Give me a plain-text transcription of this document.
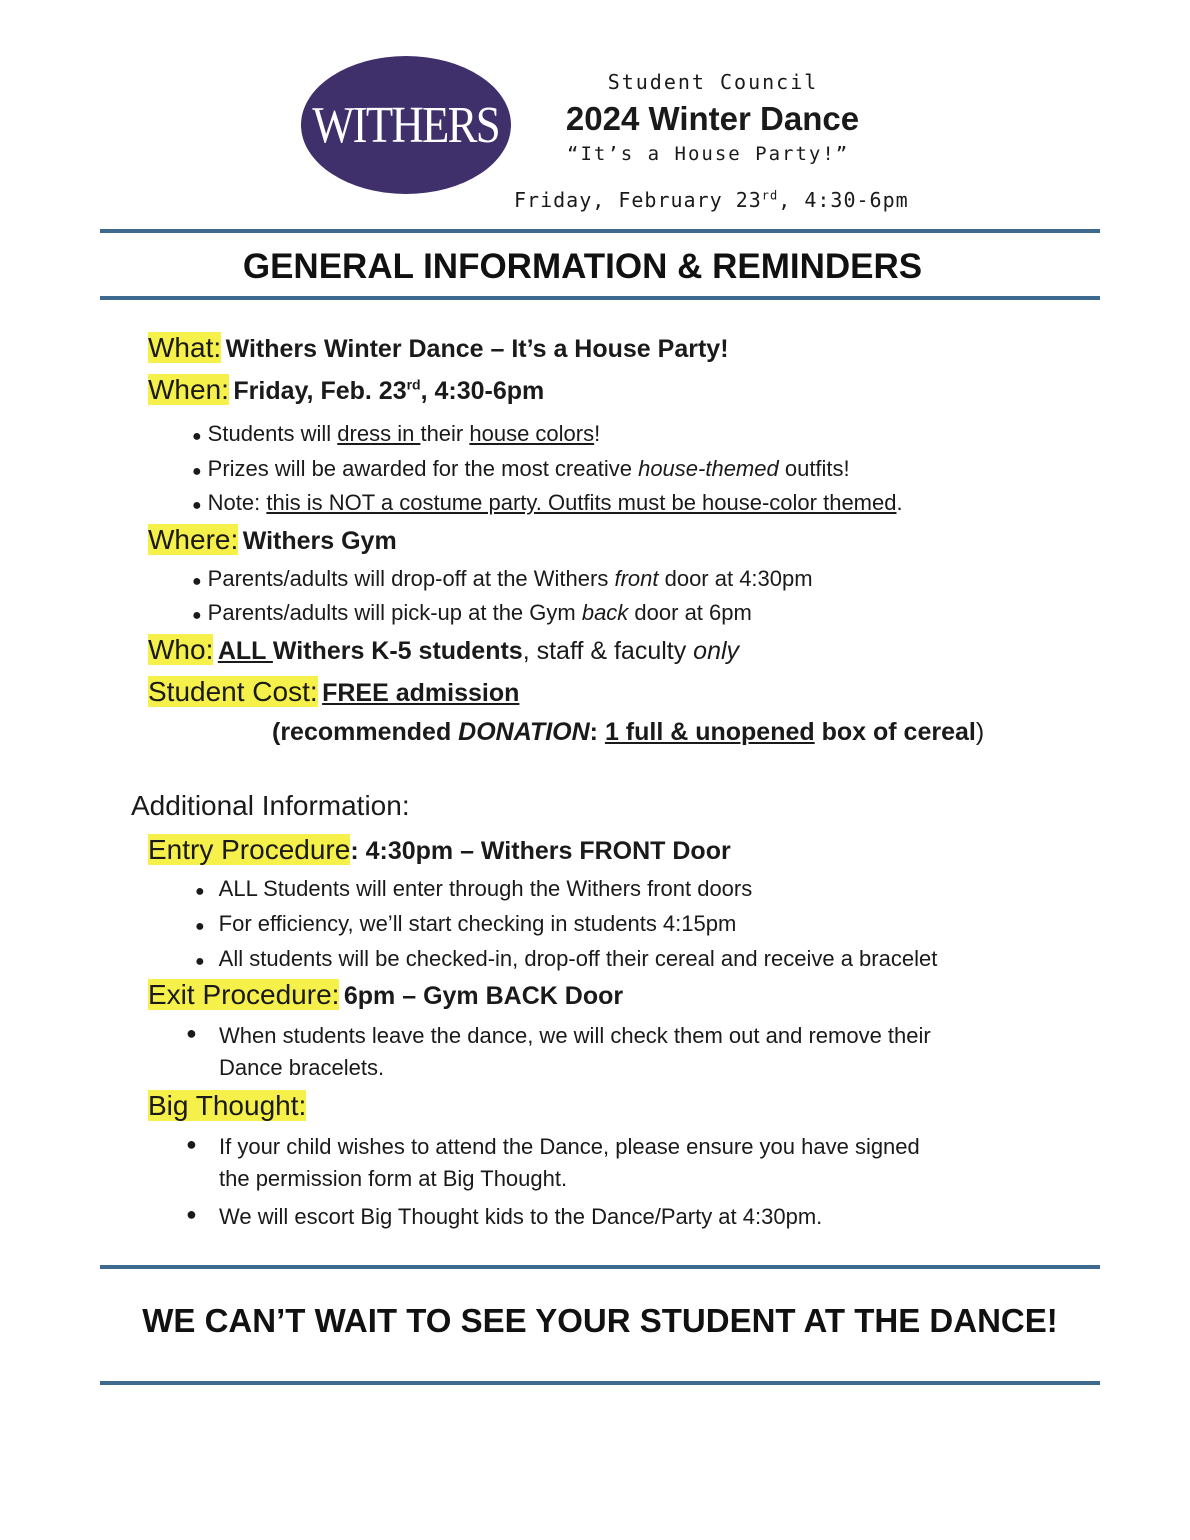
WITHERS
Student Council
2024 Winter Dance
“It’s a House Party!”
Friday, February 23rd, 4:30-6pm
GENERAL INFORMATION & REMINDERS
What: Withers Winter Dance – It’s a House Party!
When: Friday, Feb. 23rd, 4:30-6pm
● Students will dress in their house colors!
● Prizes will be awarded for the most creative house-themed outfits!
● Note: this is NOT a costume party. Outfits must be house-color themed.
Where: Withers Gym
● Parents/adults will drop-off at the Withers front door at 4:30pm
● Parents/adults will pick-up at the Gym back door at 6pm
Who: ALL Withers K-5 students, staff & faculty only
Student Cost: FREE admission
(recommended DONATION: 1 full & unopened box of cereal)
Additional Information:
Entry Procedure: 4:30pm – Withers FRONT Door
● ALL Students will enter through the Withers front doors
● For efficiency, we’ll start checking in students 4:15pm
● All students will be checked-in, drop-off their cereal and receive a bracelet
Exit Procedure: 6pm – Gym BACK Door
● When students leave the dance, we will check them out and remove their
Dance bracelets.
Big Thought:
● If your child wishes to attend the Dance, please ensure you have signed
the permission form at Big Thought.
● We will escort Big Thought kids to the Dance/Party at 4:30pm.
WE CAN’T WAIT TO SEE YOUR STUDENT AT THE DANCE!
